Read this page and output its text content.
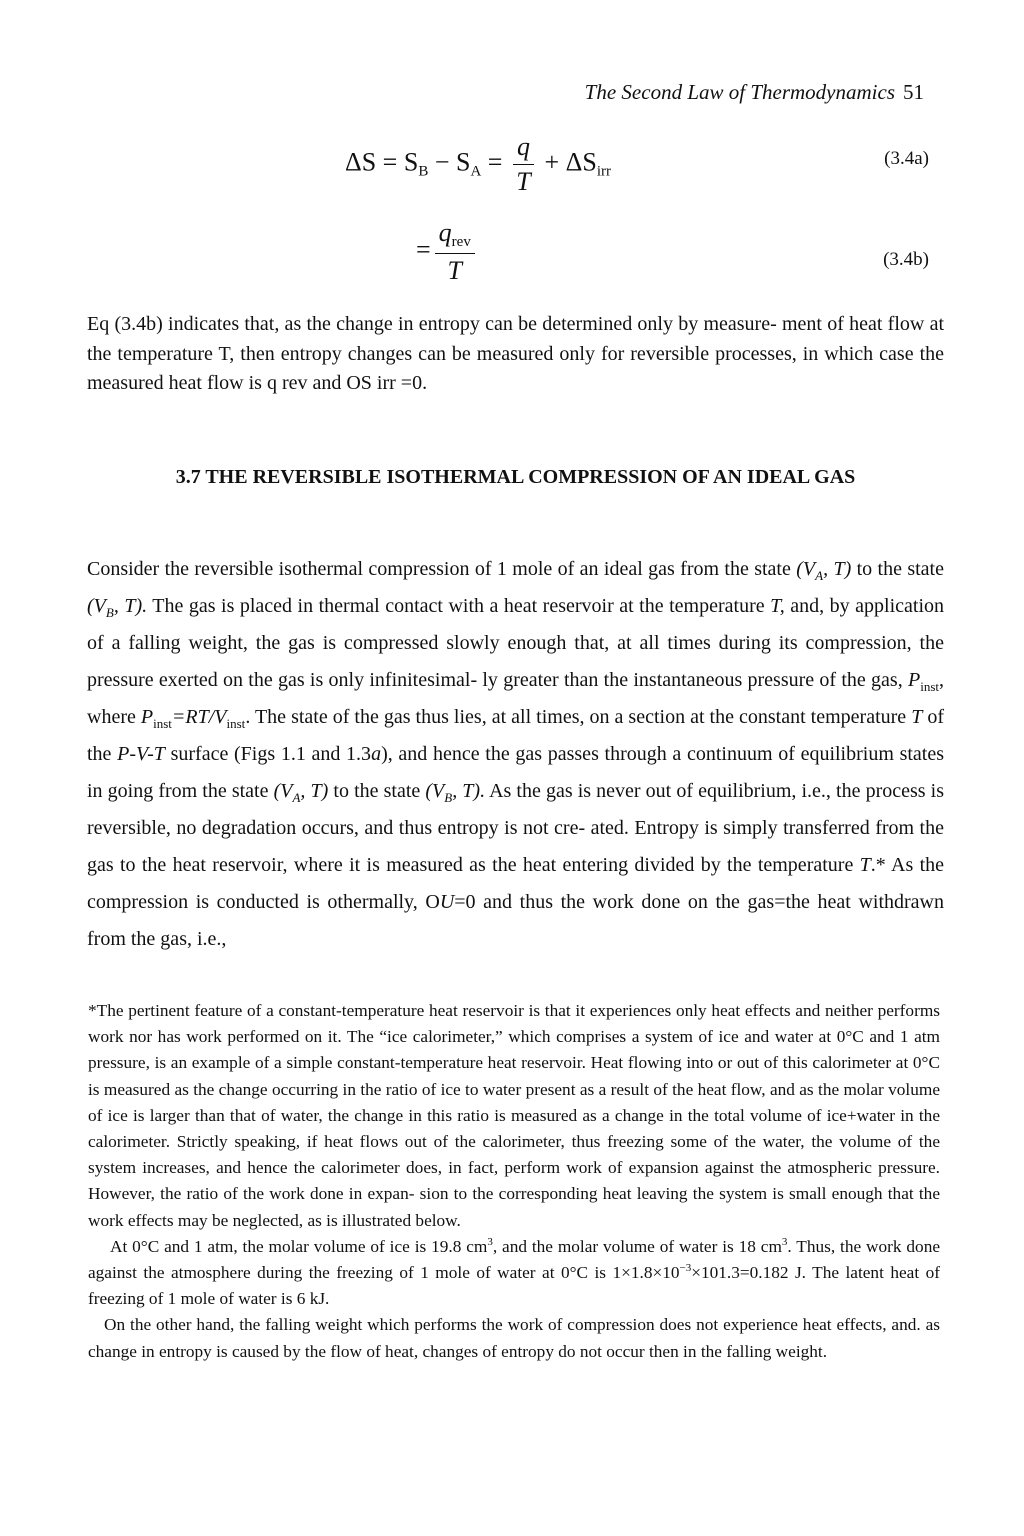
The Second Law of Thermodynamics 51
$\Delta S = S_B - S_A = \frac{q}{T} + \Delta S_{irr}$
(3.4a)
= $\frac{q_{rev}}{T}$	(3.4b)

Eq (3.4b) indicates that, as the change in entropy can be determined only by measure- ment of heat flow at the temperature T, then entropy changes can be measured only for reversible processes, in which case the measured heat flow is q rev and OS irr =0.

3.7 THE REVERSIBLE ISOTHERMAL COMPRESSION OF AN IDEAL GAS

Consider the reversible isothermal compression of 1 mole of an ideal gas from the state ($V_A$, T) to the state ($V_B$, T). The gas is placed in thermal contact with a heat reservoir at the temperature T, and, by application of a falling weight, the gas is compressed slowly enough that, at all times during its compression, the pressure exerted on the gas is only infinitesimal- ly greater than the instantaneous pressure of the gas, $P_{inst}$, where $P_{inst}=RT/V_{inst}$. The state of the gas thus lies, at all times, on a section at the constant temperature T of the P-V-T surface (Figs 1.1 and 1.3a), and hence the gas passes through a continuum of equilibrium states in going from the state ($V_A$, T) to the state ($V_B$, T). As the gas is never out of equilibrium, i.e., the process is reversible, no degradation occurs, and thus entropy is not cre- ated. Entropy is simply transferred from the gas to the heat reservoir, where it is measured as the heat entering divided by the temperature T.* As the compression is conducted is othermally, OU=0 and thus the work done on the gas=the heat withdrawn from the gas, i.e.,

*The pertinent feature of a constant-temperature heat reservoir is that it experiences only heat effects and neither performs work nor has work performed on it. The “ice calorimeter,” which comprises a system of ice and water at 0°C and 1 atm pressure, is an example of a simple constant-temperature heat reservoir. Heat flowing into or out of this calorimeter at 0°C is measured as the change occurring in the ratio of ice to water present as a result of the heat flow, and as the molar volume of ice is larger than that of water, the change in this ratio is measured as a change in the total volume of ice+water in the calorimeter. Strictly speaking, if heat flows out of the calorimeter, thus freezing some of the water, the volume of the system increases, and hence the calorimeter does, in fact, perform work of expansion against the atmospheric pressure. However, the ratio of the work done in expan- sion to the corresponding heat leaving the system is small enough that the work effects may be neglected, as is illustrated below.

At 0°C and 1 atm, the molar volume of ice is 19.8 $cm^3$, and the molar volume of water is 18 $cm^3$. Thus, the work done against the atmosphere during the freezing of 1 mole of water at 0°C is $1\times 1.8\times 10^{-3}\times 101.3=0.182$ J. The latent heat of freezing of 1 mole of water is 6 kJ.

On the other hand, the falling weight which performs the work of compression does not experience heat effects, and. as change in entropy is caused by the flow of heat, changes of entropy do not occur then in the falling weight.
